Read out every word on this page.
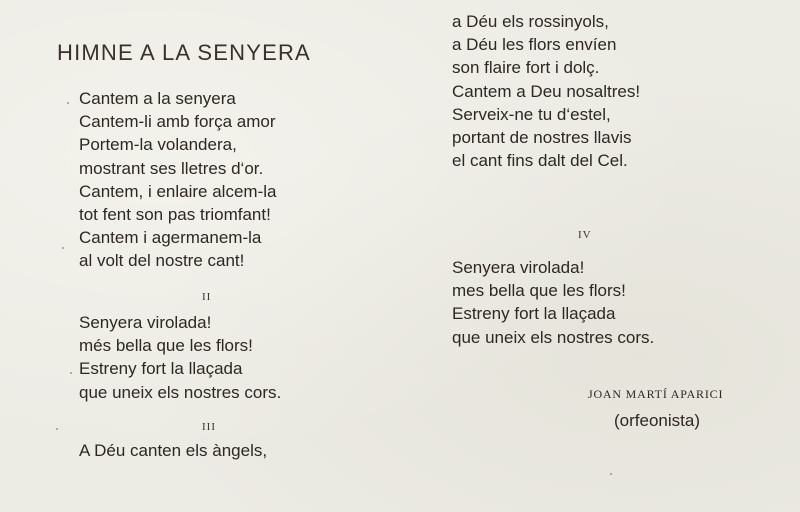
HIMNE A LA SENYERA
Cantem a la senyera
Cantem-li amb força amor
Portem-la volandera,
mostrant ses lletres d‘or.
Cantem, i enlaire alcem-la
tot fent son pas triomfant!
Cantem i agermanem-la
al volt del nostre cant!
II
Senyera virolada!
més bella que les flors!
Estreny fort la llaçada
que uneix els nostres cors.
III
A Déu canten els àngels,
a Déu els rossinyols,
a Déu les flors envíen
son flaire fort i dolç.
Cantem a Deu nosaltres!
Serveix-ne tu d‘estel,
portant de nostres llavis
el cant fins dalt del Cel.
IV
Senyera virolada!
mes bella que les flors!
Estreny fort la llaçada
que uneix els nostres cors.
JOAN MARTÍ APARICI
(orfeonista)
